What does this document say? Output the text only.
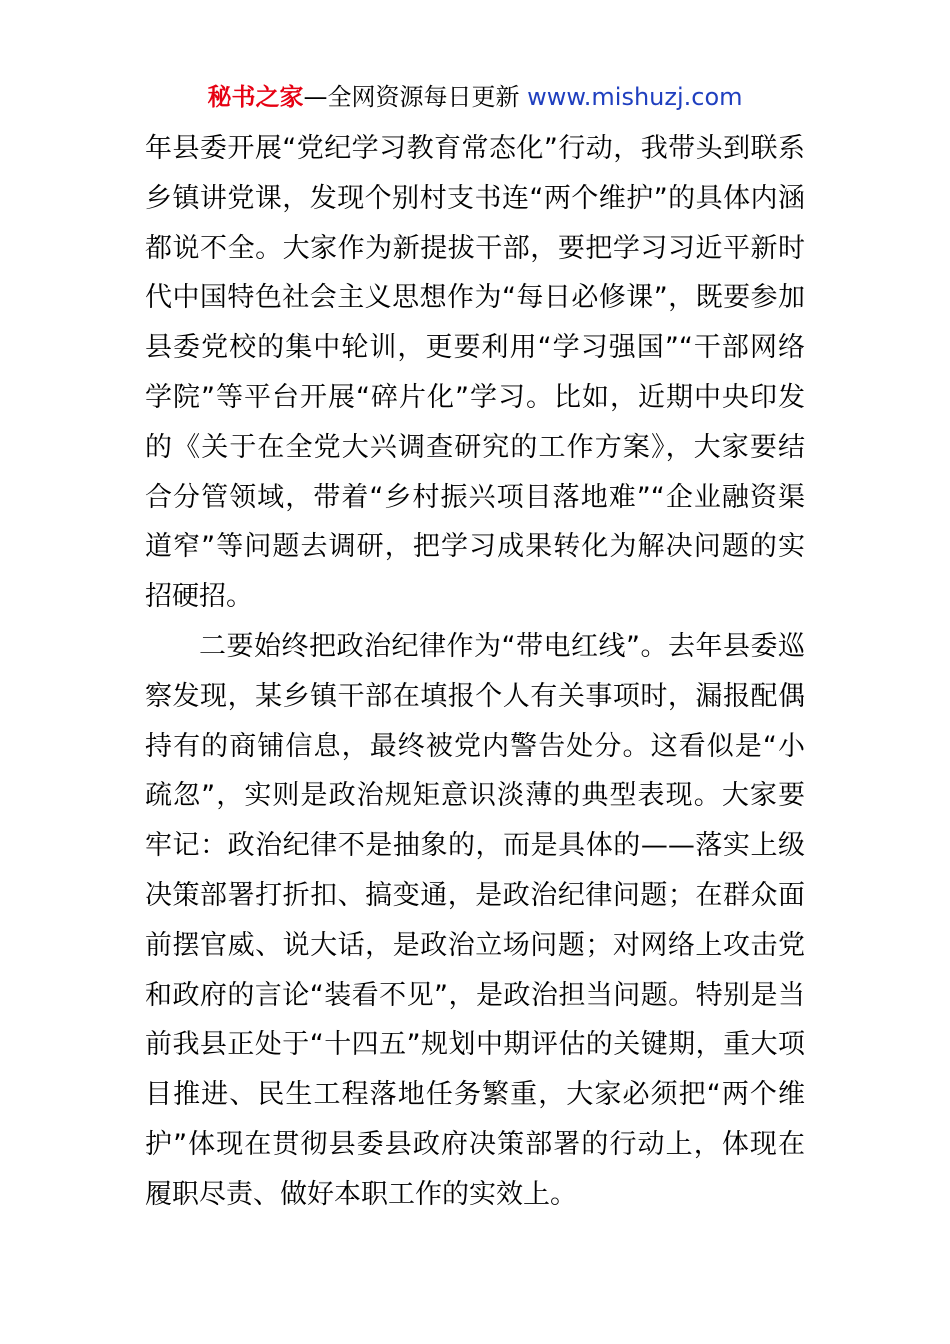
秘书之家—全网资源每日更新 www.mishuzj.com

年县委开展“党纪学习教育常态化”行动，我带头到联系乡镇讲党课，发现个别村支书连“两个维护”的具体内涵都说不全。大家作为新提拔干部，要把学习习近平新时代中国特色社会主义思想作为“每日必修课”，既要参加县委党校的集中轮训，更要利用“学习强国”“干部网络学院”等平台开展“碎片化”学习。比如，近期中央印发的《关于在全党大兴调查研究的工作方案》，大家要结合分管领域，带着“乡村振兴项目落地难”“企业融资渠道窄”等问题去调研，把学习成果转化为解决问题的实招硬招。

二要始终把政治纪律作为“带电红线”。去年县委巡察发现，某乡镇干部在填报个人有关事项时，漏报配偶持有的商铺信息，最终被党内警告处分。这看似是“小疏忽”，实则是政治规矩意识淡薄的典型表现。大家要牢记：政治纪律不是抽象的，而是具体的——落实上级决策部署打折扣、搞变通，是政治纪律问题；在群众面前摆官威、说大话，是政治立场问题；对网络上攻击党和政府的言论“装看不见”，是政治担当问题。特别是当前我县正处于“十四五”规划中期评估的关键期，重大项目推进、民生工程落地任务繁重，大家必须把“两个维护”体现在贯彻县委县政府决策部署的行动上，体现在履职尽责、做好本职工作的实效上。
